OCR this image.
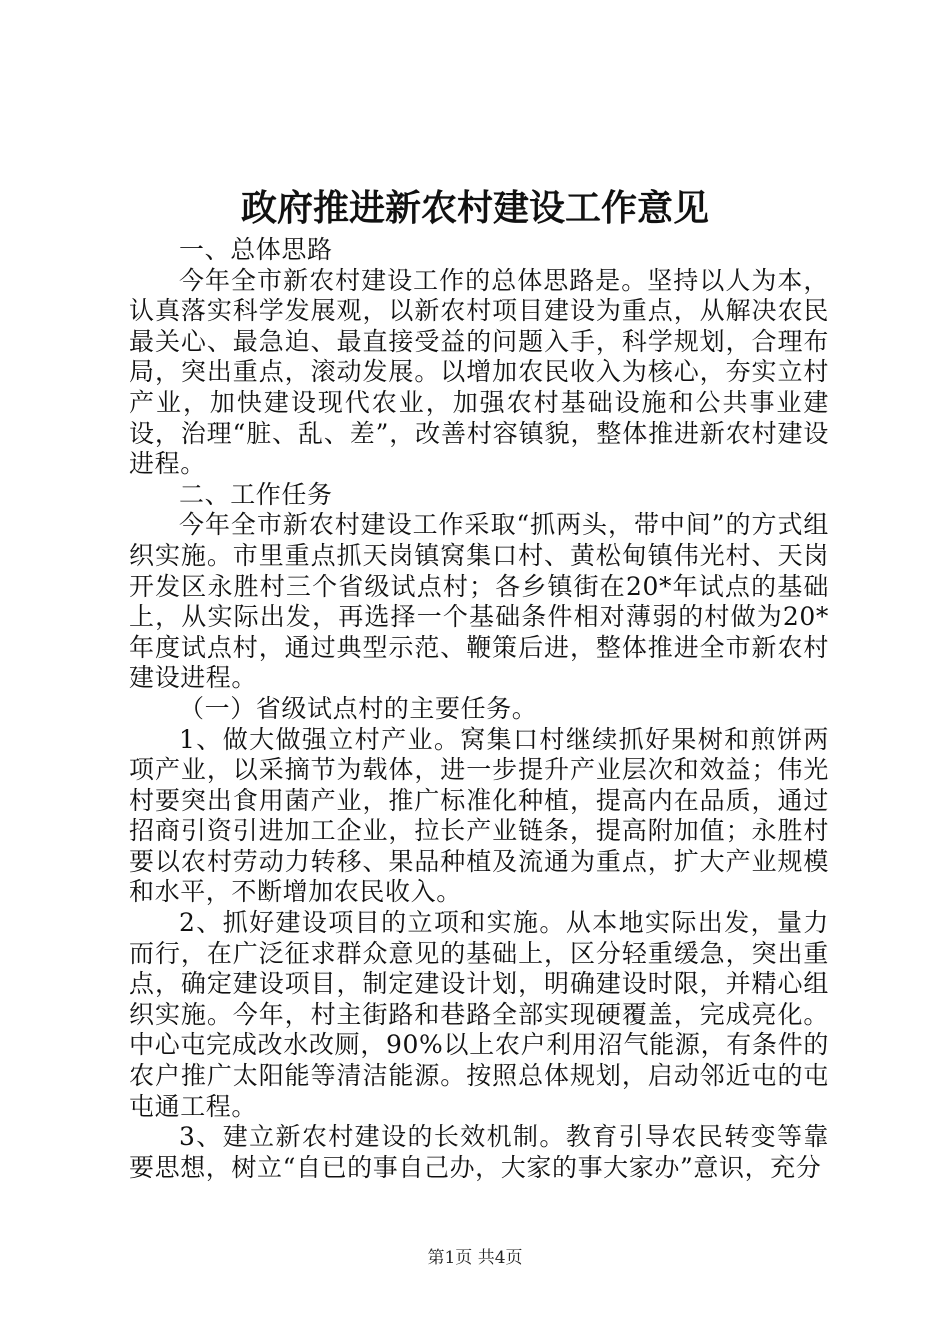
政府推进新农村建设工作意见

一、总体思路

今年全市新农村建设工作的总体思路是。坚持以人为本，认真落实科学发展观，以新农村项目建设为重点，从解决农民最关心、最急迫、最直接受益的问题入手，科学规划，合理布局，突出重点，滚动发展。以增加农民收入为核心，夯实立村产业，加快建设现代农业，加强农村基础设施和公共事业建设，治理“脏、乱、差”，改善村容镇貌，整体推进新农村建设进程。

二、工作任务

今年全市新农村建设工作采取“抓两头，带中间”的方式组织实施。市里重点抓天岗镇窝集口村、黄松甸镇伟光村、天岗开发区永胜村三个省级试点村；各乡镇街在20*年试点的基础上，从实际出发，再选择一个基础条件相对薄弱的村做为20*年度试点村，通过典型示范、鞭策后进，整体推进全市新农村建设进程。

（一）省级试点村的主要任务。

1、做大做强立村产业。窝集口村继续抓好果树和煎饼两项产业，以采摘节为载体，进一步提升产业层次和效益；伟光村要突出食用菌产业，推广标准化种植，提高内在品质，通过招商引资引进加工企业，拉长产业链条，提高附加值；永胜村要以农村劳动力转移、果品种植及流通为重点，扩大产业规模和水平，不断增加农民收入。

2、抓好建设项目的立项和实施。从本地实际出发，量力而行，在广泛征求群众意见的基础上，区分轻重缓急，突出重点，确定建设项目，制定建设计划，明确建设时限，并精心组织实施。今年，村主街路和巷路全部实现硬覆盖，完成亮化。中心屯完成改水改厕，90%以上农户利用沼气能源，有条件的农户推广太阳能等清洁能源。按照总体规划，启动邻近屯的屯屯通工程。

3、建立新农村建设的长效机制。教育引导农民转变等靠要思想，树立“自已的事自己办，大家的事大家办”意识，充分

第1页 共4页
